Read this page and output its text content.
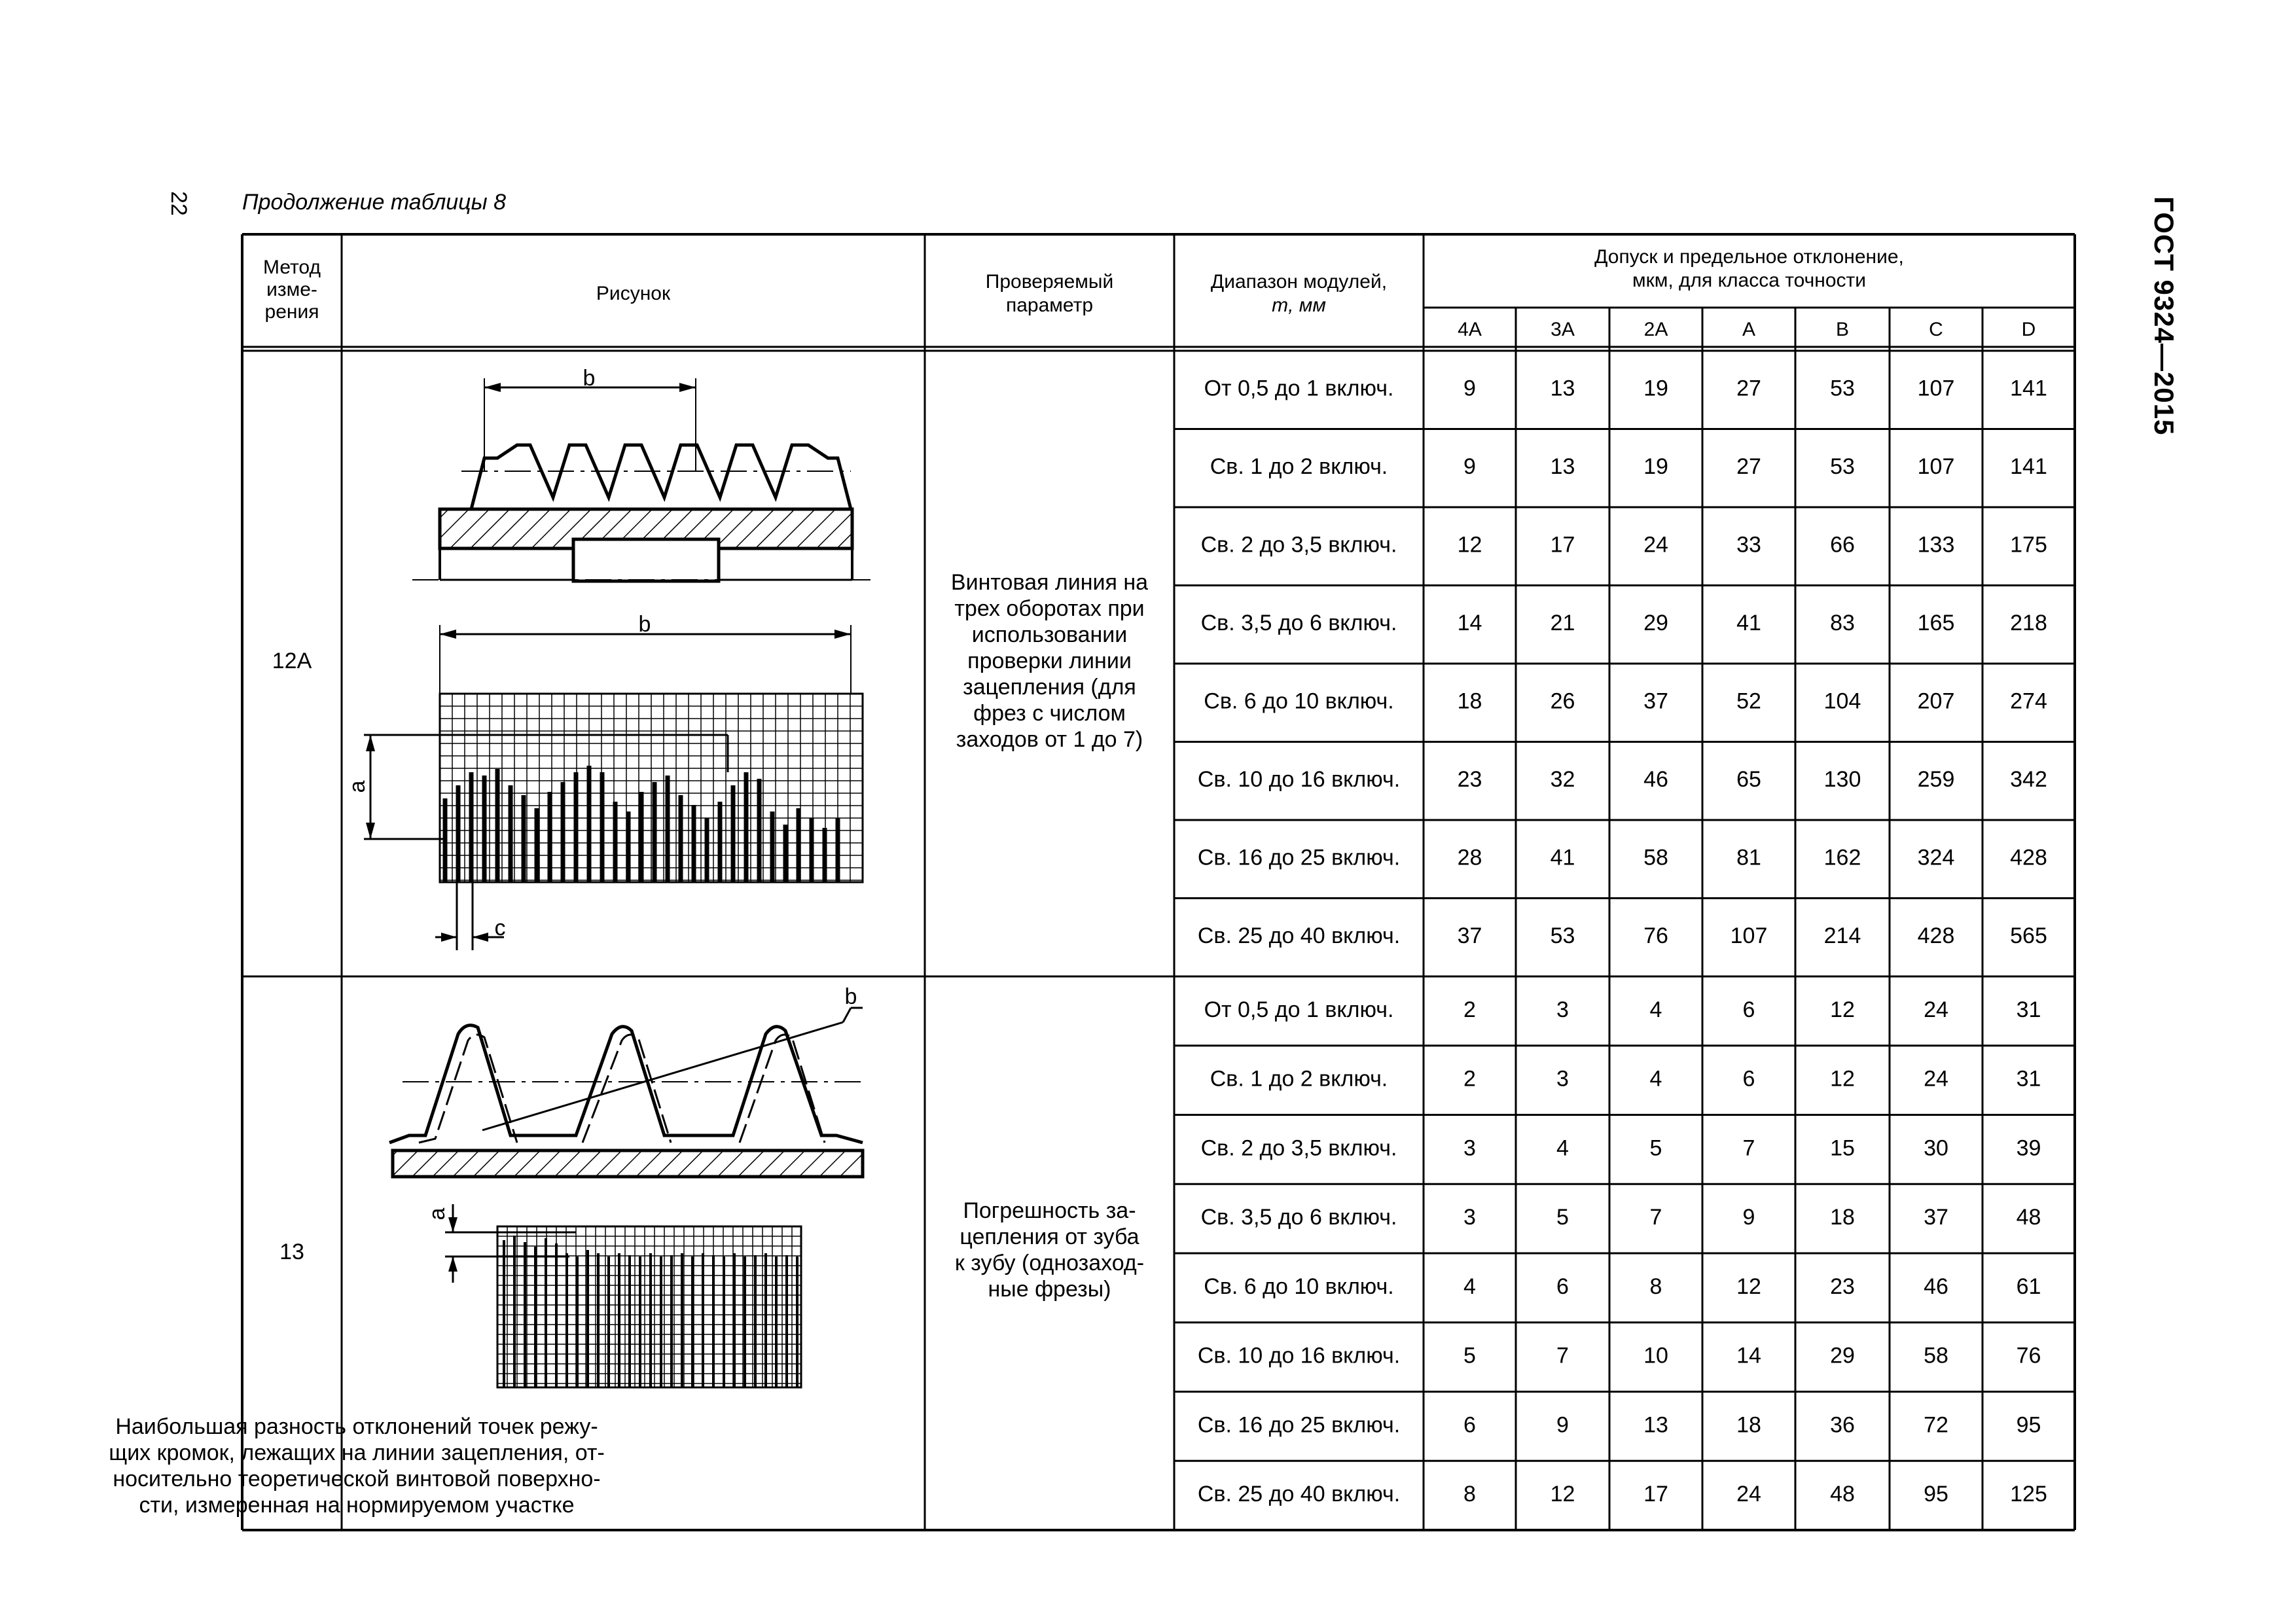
22 Продолжение таблицы 8	ГОСТ 9324—2015
Метод
изме-
рения
Рисунок
Проверяемый
параметр
Диапазон модулей,
m, мм
Допуск и предельное отклонение,
мкм, для класса точности
4A	3A	2A	A	B	C	D
12A
Винтовая линия на
трех оборотах при
использовании
проверки линии
зацепления (для
фрез с числом
заходов от 1 до 7)
От 0,5 до 1 включ.	9	13	19	27	53	107 141
Св. 1 до 2 включ.	9	13	19	27	53	107 141
Св. 2 до 3,5 включ.	12	17	24	33	66	133 175
Св. 3,5 до 6 включ.	14	21	29	41	83	165 218
Св. 6 до 10 включ.	18	26	37	52	104	207 274
Св. 10 до 16 включ.	23	32	46	65	130	259 342
Св. 16 до 25 включ.	28	41	58	81	162	324 428
Св. 25 до 40 включ.	37	53	76	107	214	428 565
13
Погрешность за-
цепления от зуба
к зубу (однозаход-
ные фрезы)
От 0,5 до 1 включ.	2	3	4	6	12	24	31
Св. 1 до 2 включ.	2	3	4	6	12	24	31
Св. 2 до 3,5 включ.	3	4	5	7	15	30	39
Св. 3,5 до 6 включ.	3	5	7	9	18	37	48
Св. 6 до 10 включ.	4	6	8	12	23	46	61
Св. 10 до 16 включ.	5	7	10	14	29	58	76
Св. 16 до 25 включ.	6	9	13	18	36	72	95
Св. 25 до 40 включ.	8	12	17	24	48	95	125
Наибольшая разность отклонений точек режу-
щих кромок, лежащих на линии зацепления, от-
носительно теоретической винтовой поверхно-
сти, измеренная на нормируемом участке
b
b
a
c
b
a
